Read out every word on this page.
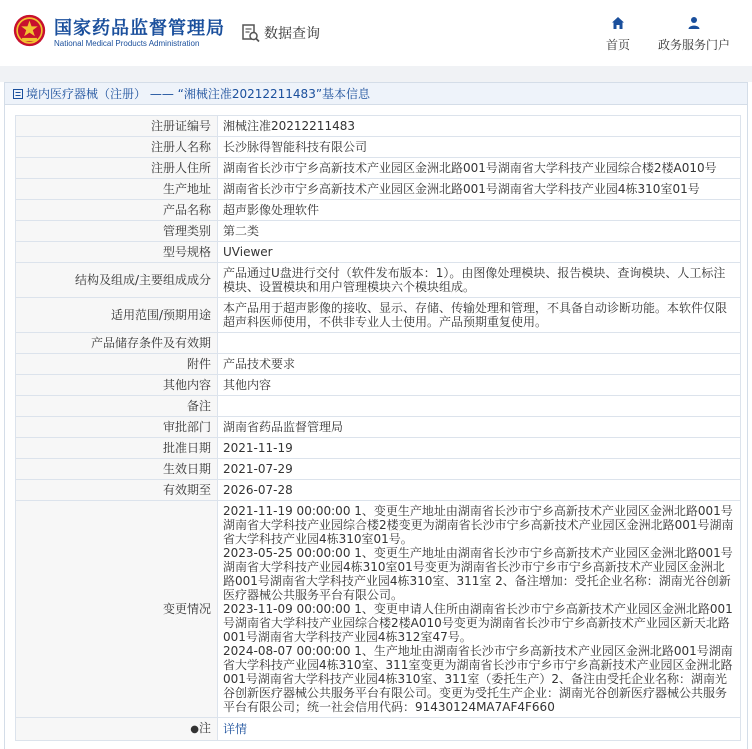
国家药品监督管理局
National Medical Products Administration
数据查询
首页 政务服务门户
境内医疗器械（注册） —— “湘械注准20212211483”基本信息
注册证编号	湘械注准20212211483
注册人名称	长沙脉得智能科技有限公司
注册人住所	湖南省长沙市宁乡高新技术产业园区金洲北路001号湖南省大学科技产业园综合楼2楼A010号
生产地址	湖南省长沙市宁乡高新技术产业园区金洲北路001号湖南省大学科技产业园4栋310室01号
产品名称	超声影像处理软件
管理类别	第二类
型号规格	UViewer
结构及组成/主要组成成分	产品通过U盘进行交付（软件发布版本：1）。由图像处理模块、报告模块、查询模块、人工标注模块、设置模块和用户管理模块六个模块组成。
适用范围/预期用途	本产品用于超声影像的接收、显示、存储、传输处理和管理，不具备自动诊断功能。本软件仅限超声科医师使用，不供非专业人士使用。产品预期重复使用。
产品储存条件及有效期	
附件	产品技术要求
其他内容	其他内容
备注	
审批部门	湖南省药品监督管理局
批准日期	2021-11-19
生效日期	2021-07-29
有效期至	2026-07-28
变更情况	2021-11-19 00:00:00 1、变更生产地址由湖南省长沙市宁乡高新技术产业园区金洲北路001号湖南省大学科技产业园综合楼2楼变更为湖南省长沙市宁乡高新技术产业园区金洲北路001号湖南省大学科技产业园4栋310室01号。
2023-05-25 00:00:00 1、变更生产地址由湖南省长沙市宁乡高新技术产业园区金洲北路001号湖南省大学科技产业园4栋310室01号变更为湖南省长沙市宁乡市宁乡高新技术产业园区金洲北路001号湖南省大学科技产业园4栋310室、311室 2、备注增加：受托企业名称：湖南光谷创新医疗器械公共服务平台有限公司。
2023-11-09 00:00:00 1、变更申请人住所由湖南省长沙市宁乡高新技术产业园区金洲北路001号湖南省大学科技产业园综合楼2楼A010号变更为湖南省长沙市宁乡高新技术产业园区新天北路001号湖南省大学科技产业园4栋312室47号。
2024-08-07 00:00:00 1、生产地址由湖南省长沙市宁乡高新技术产业园区金洲北路001号湖南省大学科技产业园4栋310室、311室变更为湖南省长沙市宁乡市宁乡高新技术产业园区金洲北路001号湖南省大学科技产业园4栋310室、311室（委托生产）2、备注由受托企业名称：湖南光谷创新医疗器械公共服务平台有限公司。变更为受托生产企业：湖南光谷创新医疗器械公共服务平台有限公司；统一社会信用代码：91430124MA7AF4F660

●注	详情
